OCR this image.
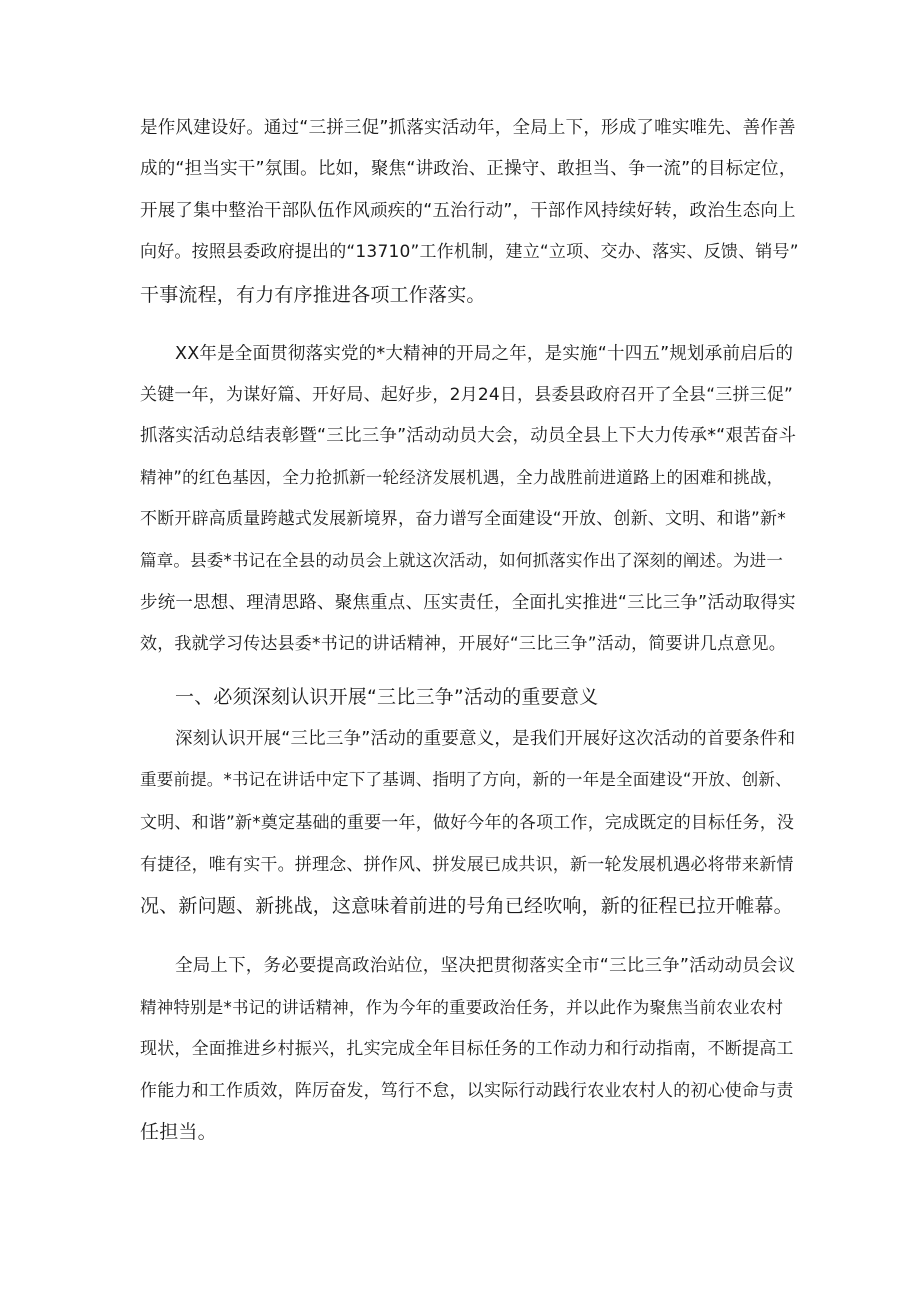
是作风建设好。通过“三拼三促”抓落实活动年，全局上下，形成了唯实唯先、善作善
成的“担当实干”氛围。比如，聚焦“讲政治、正操守、敢担当、争一流”的目标定位，
开展了集中整治干部队伍作风顽疾的“五治行动”，干部作风持续好转，政治生态向上
向好。按照县委政府提出的“13710”工作机制，建立“立项、交办、落实、反馈、销号”
干事流程，有力有序推进各项工作落实。
XX年是全面贯彻落实党的*大精神的开局之年，是实施“十四五”规划承前启后的
关键一年，为谋好篇、开好局、起好步，2月24日，县委县政府召开了全县“三拼三促”
抓落实活动总结表彰暨“三比三争”活动动员大会，动员全县上下大力传承*“艰苦奋斗
精神”的红色基因，全力抢抓新一轮经济发展机遇，全力战胜前进道路上的困难和挑战，
不断开辟高质量跨越式发展新境界，奋力谱写全面建设“开放、创新、文明、和谐”新*
篇章。县委*书记在全县的动员会上就这次活动，如何抓落实作出了深刻的阐述。为进一
步统一思想、理清思路、聚焦重点、压实责任，全面扎实推进“三比三争”活动取得实
效，我就学习传达县委*书记的讲话精神，开展好“三比三争”活动，简要讲几点意见。
一、必须深刻认识开展“三比三争”活动的重要意义
深刻认识开展“三比三争”活动的重要意义，是我们开展好这次活动的首要条件和
重要前提。*书记在讲话中定下了基调、指明了方向，新的一年是全面建设“开放、创新、
文明、和谐”新*奠定基础的重要一年，做好今年的各项工作，完成既定的目标任务，没
有捷径，唯有实干。拼理念、拼作风、拼发展已成共识，新一轮发展机遇必将带来新情
况、新问题、新挑战，这意味着前进的号角已经吹响，新的征程已拉开帷幕。
全局上下，务必要提高政治站位，坚决把贯彻落实全市“三比三争”活动动员会议
精神特别是*书记的讲话精神，作为今年的重要政治任务，并以此作为聚焦当前农业农村
现状，全面推进乡村振兴，扎实完成全年目标任务的工作动力和行动指南，不断提高工
作能力和工作质效，阵厉奋发，笃行不怠，以实际行动践行农业农村人的初心使命与责
任担当。
